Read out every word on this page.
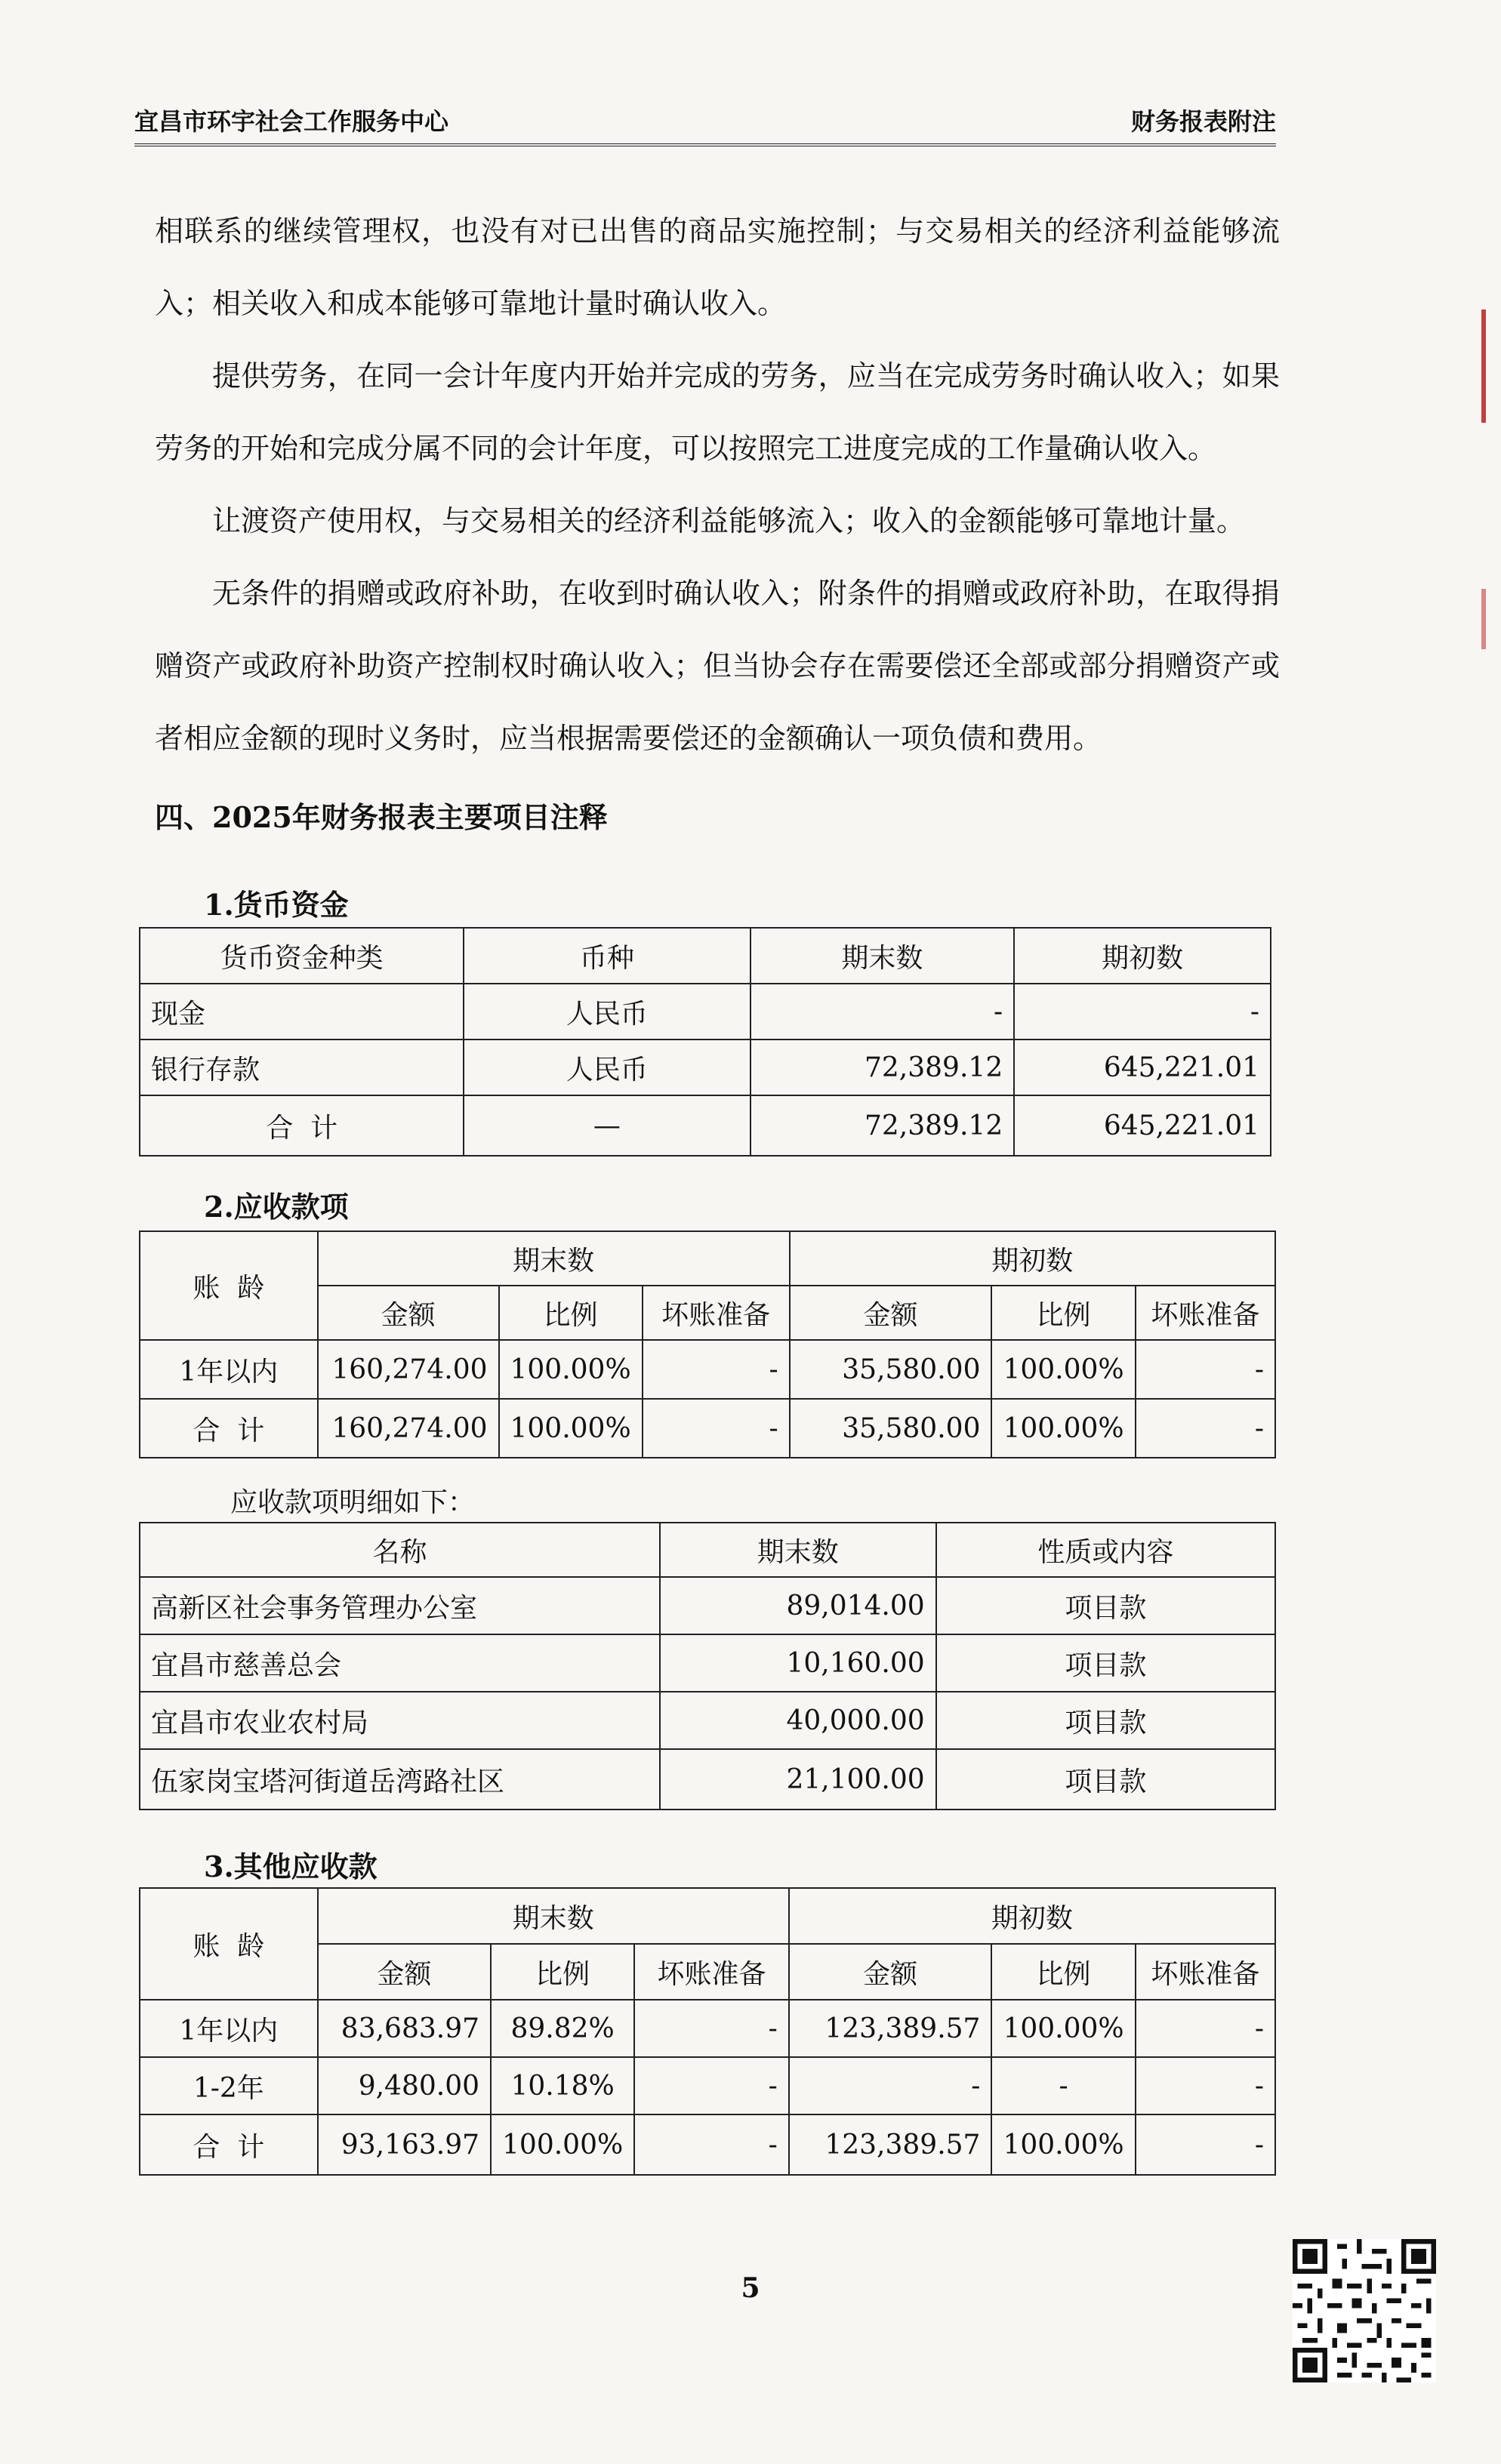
宜昌市环宇社会工作服务中心	财务报表附注
相联系的继续管理权，也没有对已出售的商品实施控制；与交易相关的经济利益能够流入；相关收入和成本能够可靠地计量时确认收入。
提供劳务，在同一会计年度内开始并完成的劳务，应当在完成劳务时确认收入；如果劳务的开始和完成分属不同的会计年度，可以按照完工进度完成的工作量确认收入。
让渡资产使用权，与交易相关的经济利益能够流入；收入的金额能够可靠地计量。
无条件的捐赠或政府补助，在收到时确认收入；附条件的捐赠或政府补助，在取得捐赠资产或政府补助资产控制权时确认收入；但当协会存在需要偿还全部或部分捐赠资产或者相应金额的现时义务时，应当根据需要偿还的金额确认一项负债和费用。
四、2025年财务报表主要项目注释
1.货币资金
货币资金种类	币种	期末数	期初数
现金	人民币	-	-
银行存款	人民币	72,389.12	645,221.01
合  计	—	72,389.12	645,221.01
2.应收款项
账  龄	期末数			期初数		
	金额	比例	坏账准备	金额	比例	坏账准备
1年以内	160,274.00	100.00%	-	35,580.00	100.00%	-
合  计	160,274.00	100.00%	-	35,580.00	100.00%	-
应收款项明细如下：
名称	期末数	性质或内容
高新区社会事务管理办公室	89,014.00	项目款
宜昌市慈善总会	10,160.00	项目款
宜昌市农业农村局	40,000.00	项目款
伍家岗宝塔河街道岳湾路社区	21,100.00	项目款
3.其他应收款
账  龄	期末数			期初数		
	金额	比例	坏账准备	金额	比例	坏账准备
1年以内	83,683.97	89.82%	-	123,389.57	100.00%	-
1-2年	9,480.00	10.18%	-	-	-	-
合  计	93,163.97	100.00%	-	123,389.57	100.00%	-
5
